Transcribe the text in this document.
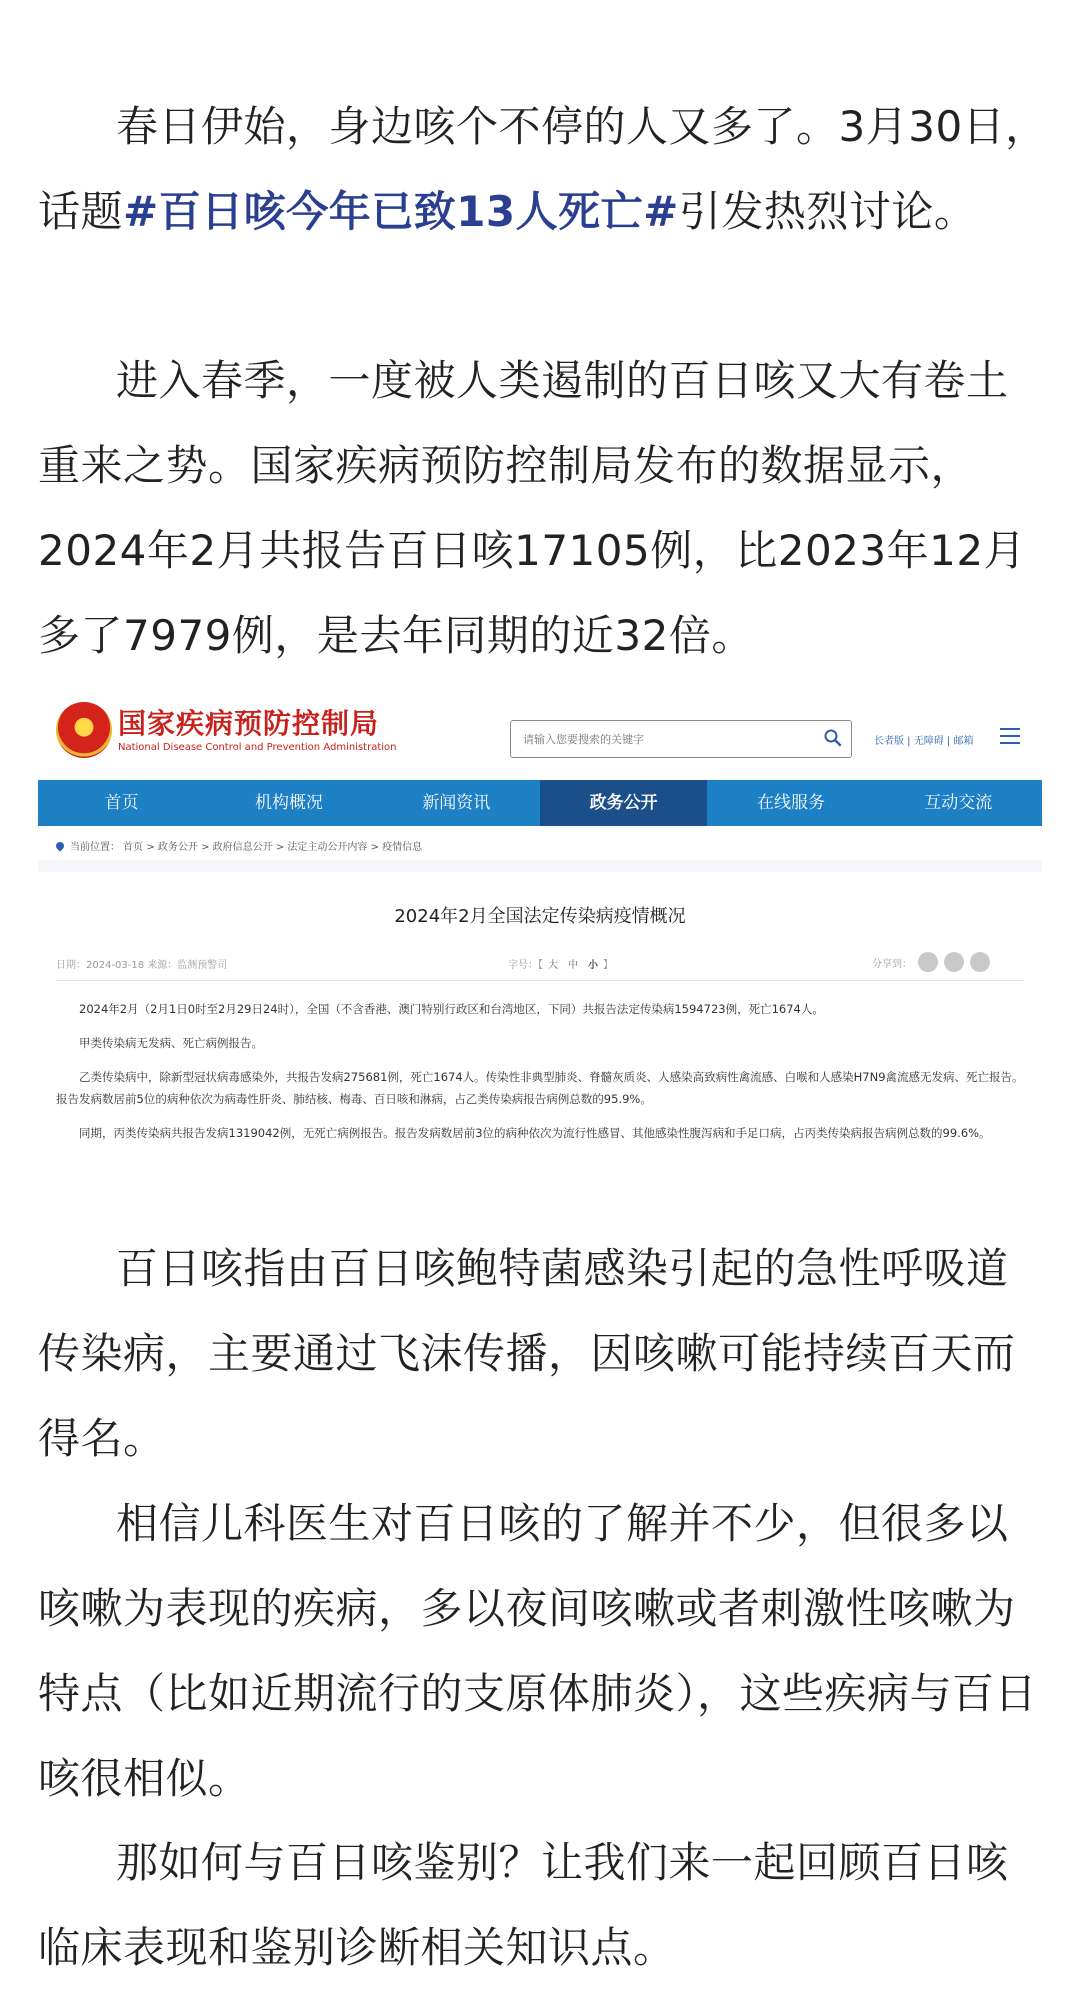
春日伊始，身边咳个不停的人又多了。3月30日，话题#百日咳今年已致13人死亡#引发热烈讨论。

进入春季，一度被人类遏制的百日咳又大有卷土重来之势。国家疾病预防控制局发布的数据显示，2024年2月共报告百日咳17105例，比2023年12月多了7979例，是去年同期的近32倍。

★ 国家疾病预防控制局
National Disease Control and Prevention Administration
请输入您要搜索的关键字
长者版 | 无障碍 | 邮箱
首页	机构概况	新闻资讯	政务公开	在线服务	互动交流
当前位置： 首页 > 政务公开 > 政府信息公开 > 法定主动公开内容 > 疫情信息
2024年2月全国法定传染病疫情概况
日期：2024-03-18 来源：监测预警司	字号：【 大 中 小 】	分享到：

2024年2月（2月1日0时至2月29日24时），全国（不含香港、澳门特别行政区和台湾地区，下同）共报告法定传染病1594723例，死亡1674人。

甲类传染病无发病、死亡病例报告。

乙类传染病中，除新型冠状病毒感染外，共报告发病275681例，死亡1674人。传染性非典型肺炎、脊髓灰质炎、人感染高致病性禽流感、白喉和人感染H7N9禽流感无发病、死亡报告。报告发病数居前5位的病种依次为病毒性肝炎、肺结核、梅毒、百日咳和淋病，占乙类传染病报告病例总数的95.9%。

同期，丙类传染病共报告发病1319042例，无死亡病例报告。报告发病数居前3位的病种依次为流行性感冒、其他感染性腹泻病和手足口病，占丙类传染病报告病例总数的99.6%。

百日咳指由百日咳鲍特菌感染引起的急性呼吸道传染病，主要通过飞沫传播，因咳嗽可能持续百天而得名。

相信儿科医生对百日咳的了解并不少，但很多以咳嗽为表现的疾病，多以夜间咳嗽或者刺激性咳嗽为特点（比如近期流行的支原体肺炎），这些疾病与百日咳很相似。

那如何与百日咳鉴别？让我们来一起回顾百日咳临床表现和鉴别诊断相关知识点。
